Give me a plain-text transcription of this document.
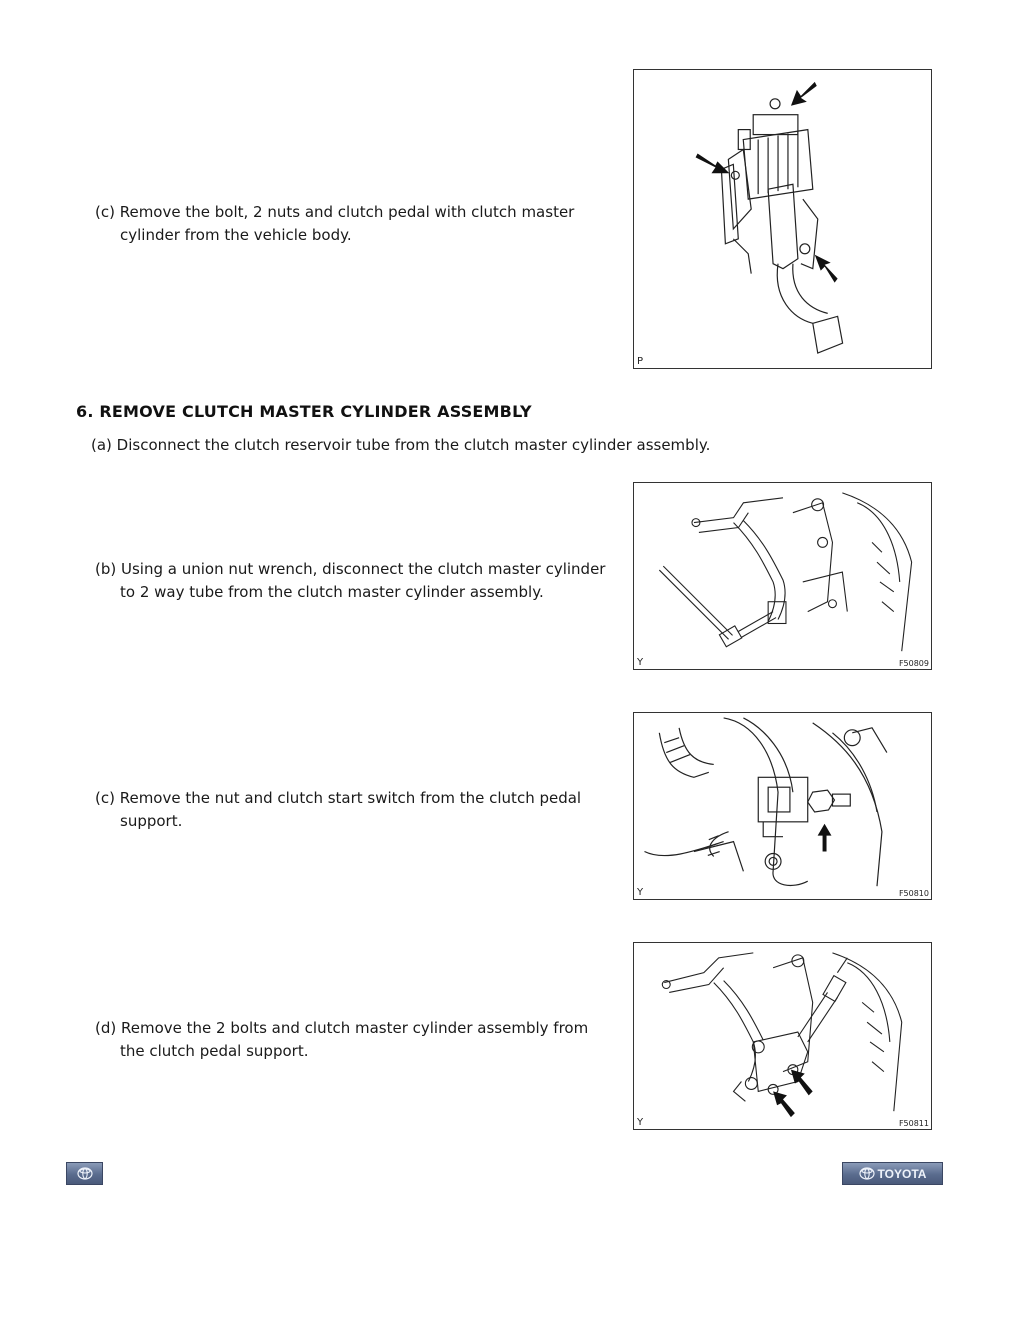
(c) Remove the bolt, 2 nuts and clutch pedal with clutch master
cylinder from the vehicle body.
P
6. REMOVE CLUTCH MASTER CYLINDER ASSEMBLY
(a) Disconnect the clutch reservoir tube from the clutch master cylinder assembly.
(b) Using a union nut wrench, disconnect the clutch master cylinder
to 2 way tube from the clutch master cylinder assembly.
Y	F50809
(c) Remove the nut and clutch start switch from the clutch pedal
support.
Y	F50810
(d) Remove the 2 bolts and clutch master cylinder assembly from
the clutch pedal support.
Y	F50811
TOYOTA
